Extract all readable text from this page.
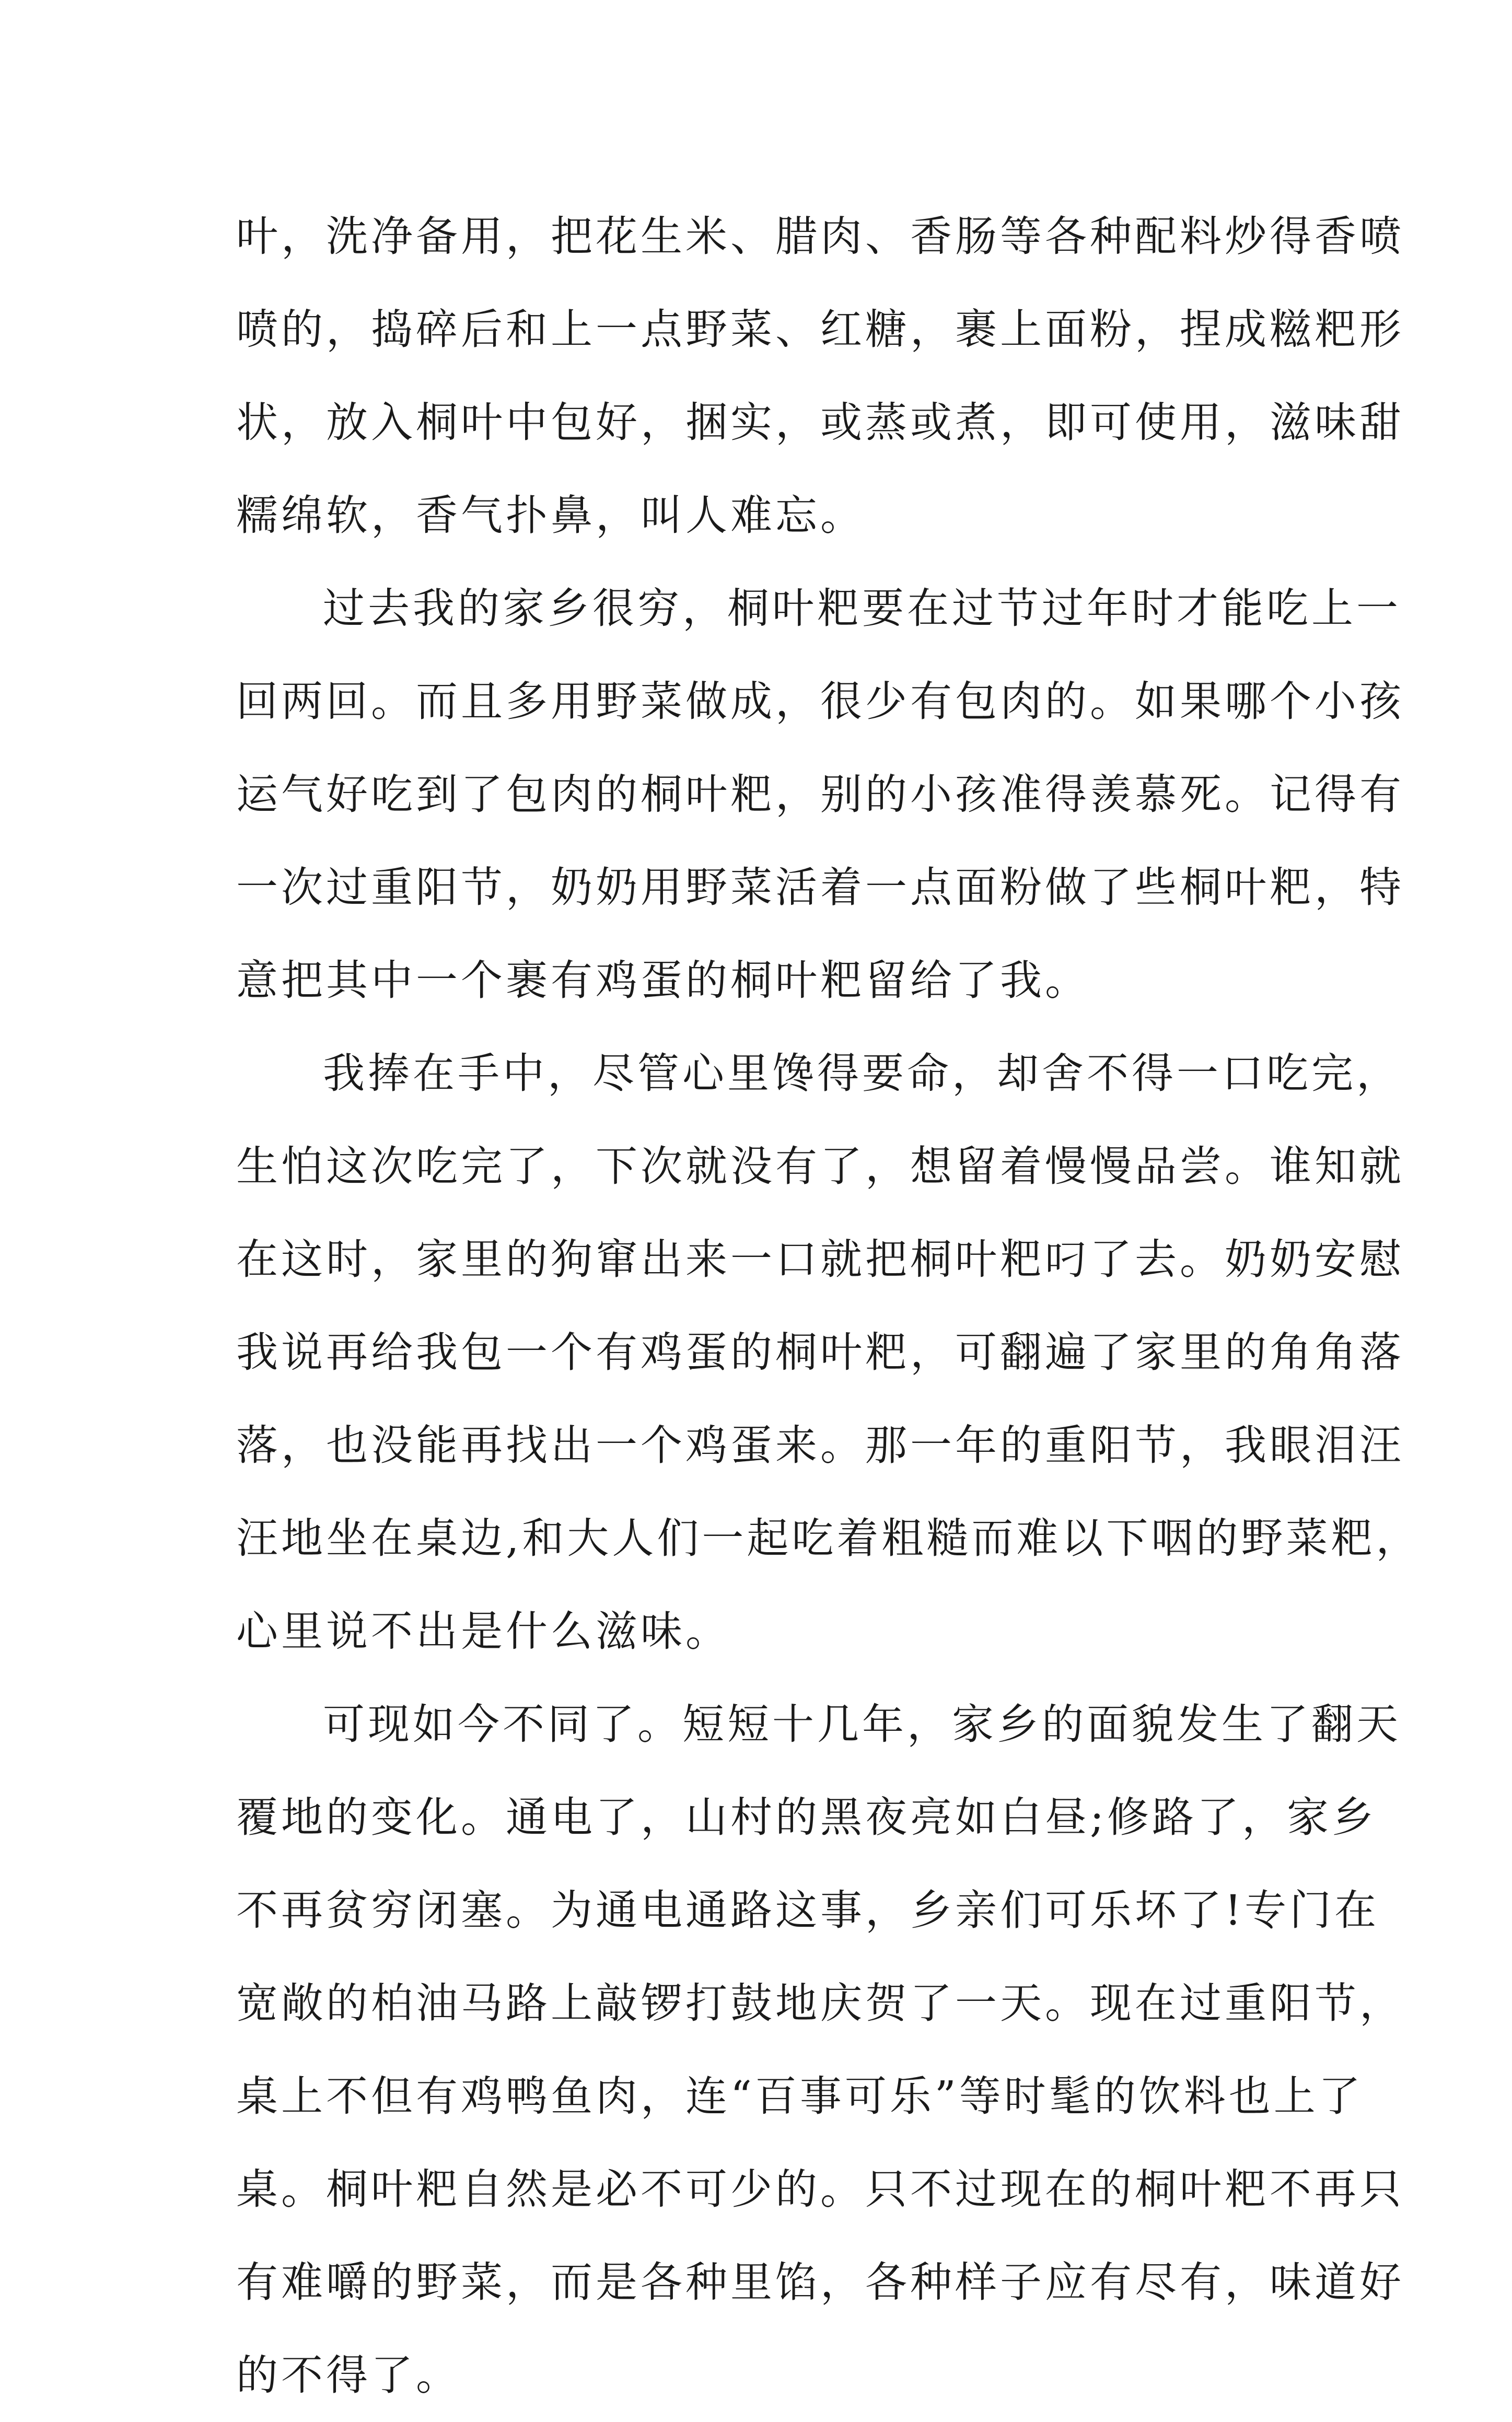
叶，洗净备用，把花生米、腊肉、香肠等各种配料炒得香喷
喷的，捣碎后和上一点野菜、红糖，裹上面粉，捏成糍粑形
状，放入桐叶中包好，捆实，或蒸或煮，即可使用，滋味甜
糯绵软，香气扑鼻，叫人难忘。

过去我的家乡很穷，桐叶粑要在过节过年时才能吃上一
回两回。而且多用野菜做成，很少有包肉的。如果哪个小孩
运气好吃到了包肉的桐叶粑，别的小孩准得羡慕死。记得有
一次过重阳节，奶奶用野菜活着一点面粉做了些桐叶粑，特
意把其中一个裹有鸡蛋的桐叶粑留给了我。

我捧在手中，尽管心里馋得要命，却舍不得一口吃完，
生怕这次吃完了，下次就没有了，想留着慢慢品尝。谁知就
在这时，家里的狗窜出来一口就把桐叶粑叼了去。奶奶安慰
我说再给我包一个有鸡蛋的桐叶粑，可翻遍了家里的角角落
落，也没能再找出一个鸡蛋来。那一年的重阳节，我眼泪汪
汪地坐在桌边,和大人们一起吃着粗糙而难以下咽的野菜粑，
心里说不出是什么滋味。

可现如今不同了。短短十几年，家乡的面貌发生了翻天
覆地的变化。通电了，山村的黑夜亮如白昼;修路了，家乡
不再贫穷闭塞。为通电通路这事，乡亲们可乐坏了!专门在
宽敞的柏油马路上敲锣打鼓地庆贺了一天。现在过重阳节，
桌上不但有鸡鸭鱼肉，连“百事可乐”等时髦的饮料也上了
桌。桐叶粑自然是必不可少的。只不过现在的桐叶粑不再只
有难嚼的野菜，而是各种里馅，各种样子应有尽有，味道好
的不得了。
